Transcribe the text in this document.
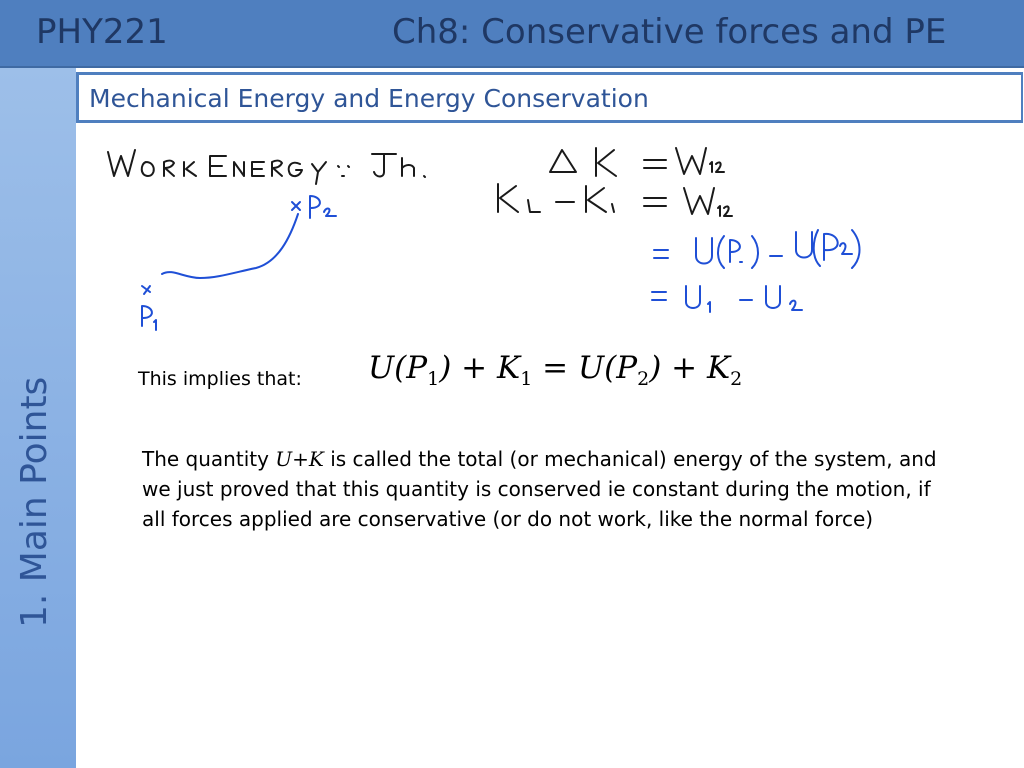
PHY221	Ch8: Conservative forces and PE
1. Main Points
Mechanical Energy and Energy Conservation
This implies that: $U(P_1) + K_1 = U(P_2) + K_2$
The quantity U+K is called the total (or mechanical) energy of the system, and we just proved that this quantity is conserved ie constant during the motion, if all forces applied are conservative (or do not work, like the normal force)
